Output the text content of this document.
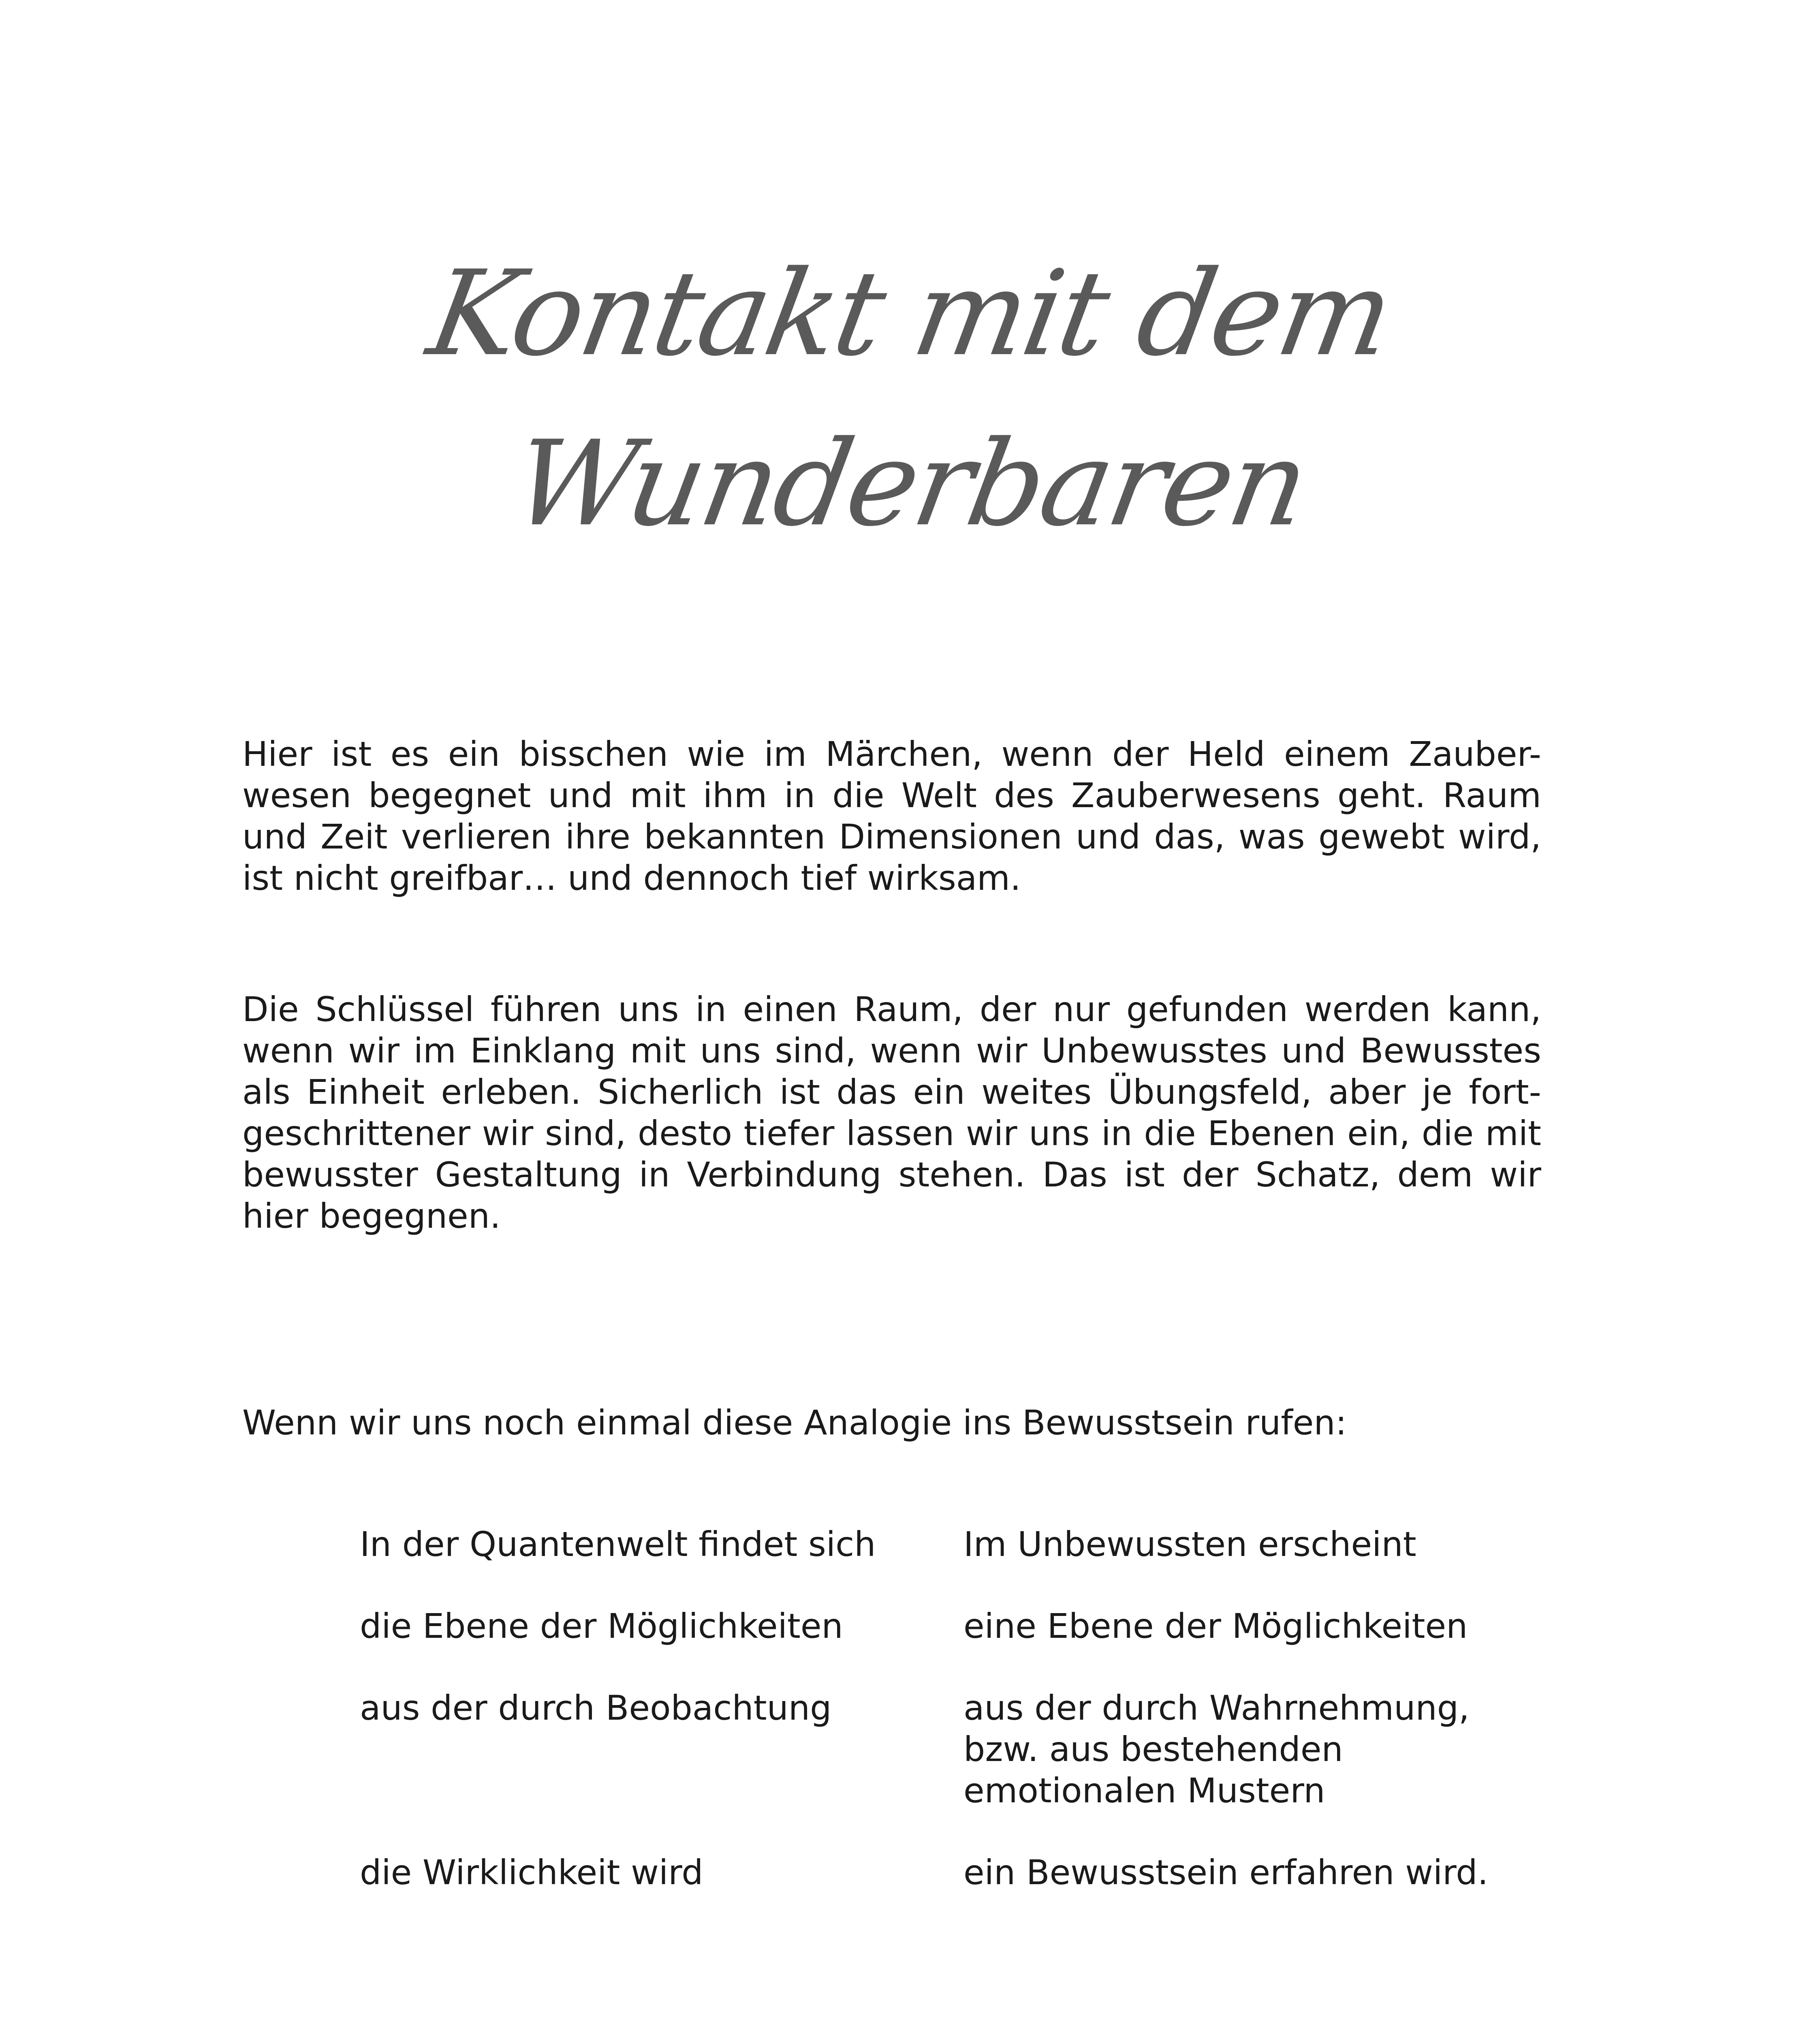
Kontakt mit dem
Wunderbaren

Hier ist es ein bisschen wie im Märchen, wenn der Held einem Zauber-
wesen begegnet und mit ihm in die Welt des Zauberwesens geht. Raum
und Zeit verlieren ihre bekannten Dimensionen und das, was gewebt wird,
ist nicht greifbar… und dennoch tief wirksam.

Die Schlüssel führen uns in einen Raum, der nur gefunden werden kann,
wenn wir im Einklang mit uns sind, wenn wir Unbewusstes und Bewusstes
als Einheit erleben. Sicherlich ist das ein weites Übungsfeld, aber je fort-
geschrittener wir sind, desto tiefer lassen wir uns in die Ebenen ein, die mit
bewusster Gestaltung in Verbindung stehen. Das ist der Schatz, dem wir
hier begegnen.

Wenn wir uns noch einmal diese Analogie ins Bewusstsein rufen:

In der Quantenwelt findet sich	Im Unbewussten erscheint
die Ebene der Möglichkeiten	eine Ebene der Möglichkeiten
aus der durch Beobachtung	aus der durch Wahrnehmung,
bzw. aus bestehenden
emotionalen Mustern
die Wirklichkeit wird	ein Bewusstsein erfahren wird.
